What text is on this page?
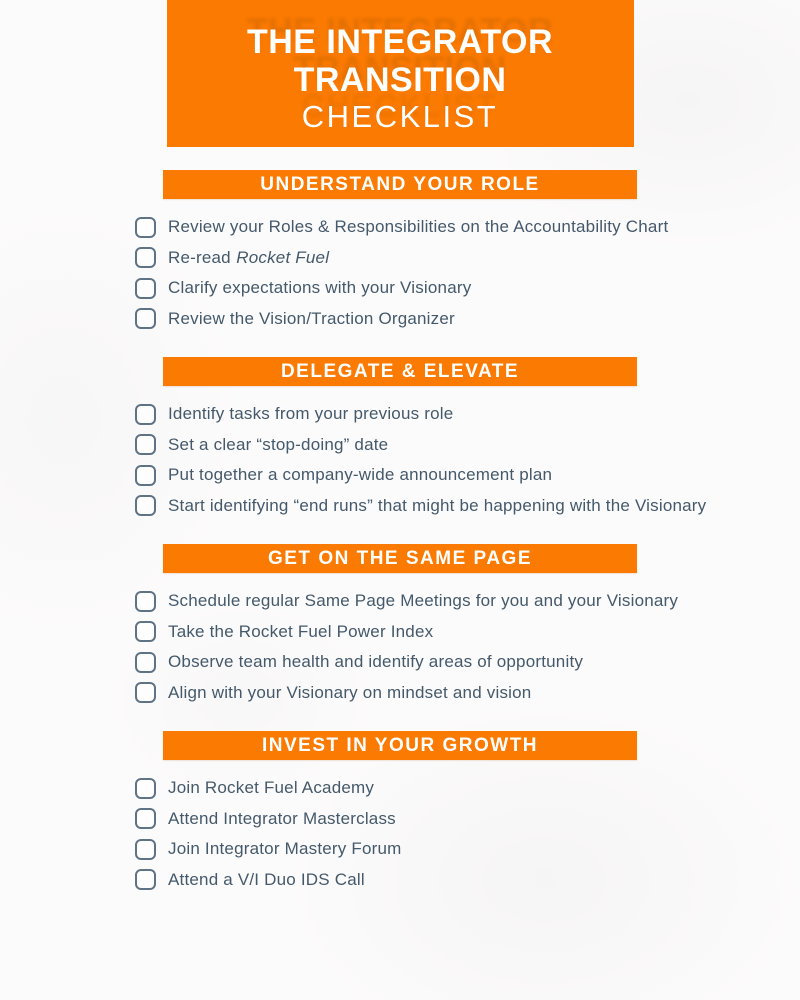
THE INTEGRATOR
TRANSITION
CHECKLIST
UNDERSTAND YOUR ROLE
Review your Roles & Responsibilities on the Accountability Chart
Re-read Rocket Fuel
Clarify expectations with your Visionary
Review the Vision/Traction Organizer
DELEGATE & ELEVATE
Identify tasks from your previous role
Set a clear “stop-doing” date
Put together a company-wide announcement plan
Start identifying “end runs” that might be happening with the Visionary
GET ON THE SAME PAGE
Schedule regular Same Page Meetings for you and your Visionary
Take the Rocket Fuel Power Index
Observe team health and identify areas of opportunity
Align with your Visionary on mindset and vision
INVEST IN YOUR GROWTH
Join Rocket Fuel Academy
Attend Integrator Masterclass
Join Integrator Mastery Forum
Attend a V/I Duo IDS Call
